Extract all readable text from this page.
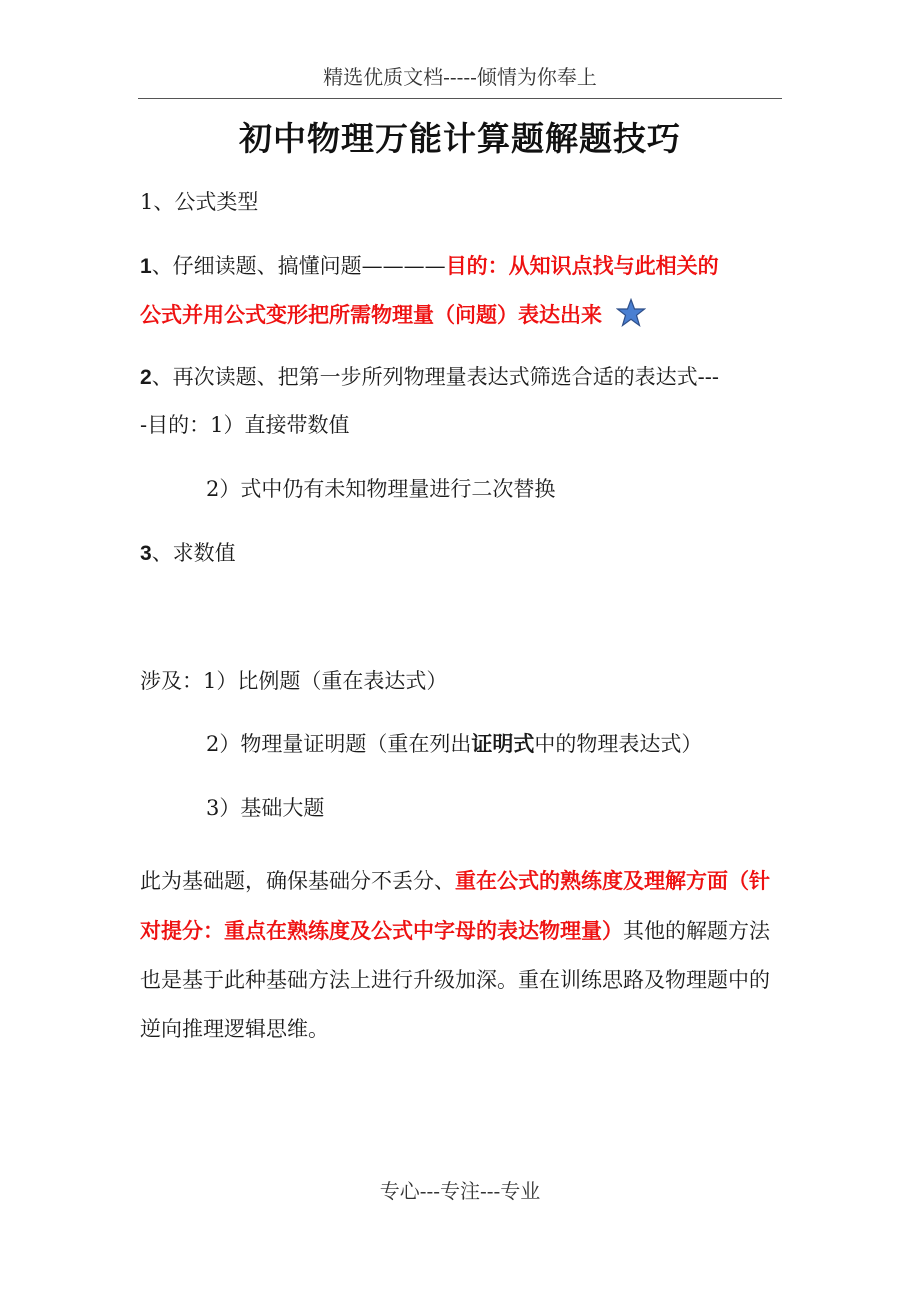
精选优质文档-----倾情为你奉上
初中物理万能计算题解题技巧
1、公式类型
1、仔细读题、搞懂问题————目的：从知识点找与此相关的
公式并用公式变形把所需物理量（问题）表达出来
2、再次读题、把第一步所列物理量表达式筛选合适的表达式---
-目的：1）直接带数值
2）式中仍有未知物理量进行二次替换
3、求数值
涉及：1）比例题（重在表达式）
2）物理量证明题（重在列出证明式中的物理表达式）
3）基础大题
此为基础题，确保基础分不丢分、重在公式的熟练度及理解方面（针对提分：重点在熟练度及公式中字母的表达物理量）其他的解题方法也是基于此种基础方法上进行升级加深。重在训练思路及物理题中的逆向推理逻辑思维。
专心---专注---专业
